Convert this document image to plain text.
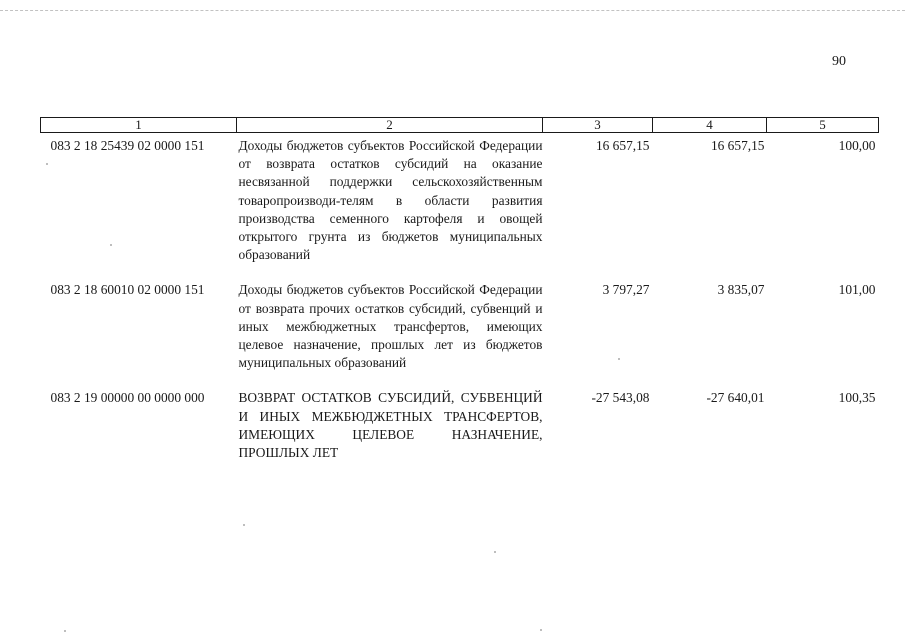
90
1	2	3	4	5
083 2 18 25439 02 0000 151	Доходы бюджетов субъектов Российской Федерации от возврата остатков субсидий на оказание несвязанной поддержки сельскохозяйственным товаропроизводи-телям в области развития производства семенного картофеля и овощей открытого грунта из бюджетов муниципальных образований	16 657,15	16 657,15	100,00

083 2 18 60010 02 0000 151	Доходы бюджетов субъектов Российской Федерации от возврата прочих остатков субсидий, субвенций и иных межбюджетных трансфертов, имеющих целевое назначение, прошлых лет из бюджетов муниципальных образований	3 797,27	3 835,07	101,00

083 2 19 00000 00 0000 000	ВОЗВРАТ ОСТАТКОВ СУБСИДИЙ, СУБВЕНЦИЙ И ИНЫХ МЕЖБЮДЖЕТНЫХ ТРАНСФЕРТОВ, ИМЕЮЩИХ ЦЕЛЕВОЕ НАЗНАЧЕНИЕ, ПРОШЛЫХ ЛЕТ	-27 543,08	-27 640,01	100,35
